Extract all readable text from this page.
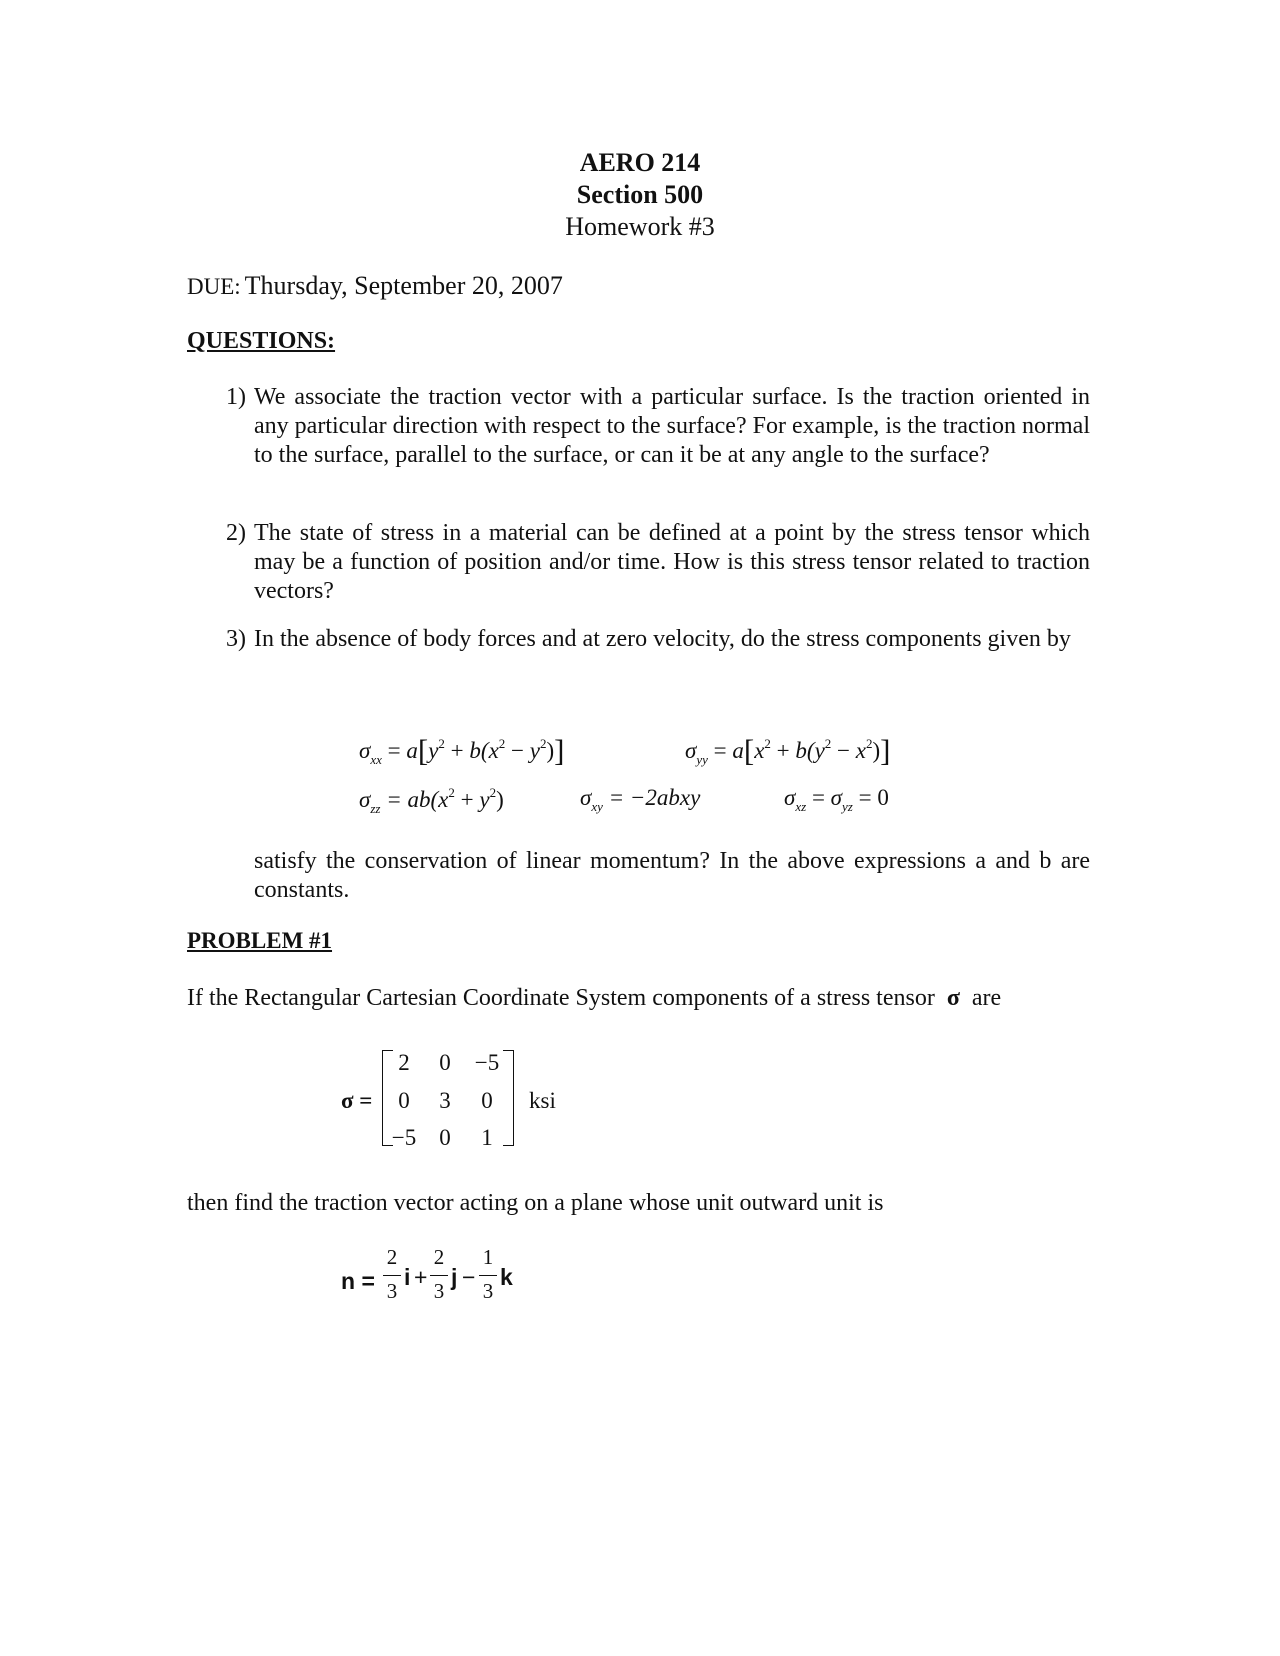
AERO 214
Section 500
Homework #3
DUE: Thursday, September 20, 2007
QUESTIONS:
1) We associate the traction vector with a particular surface. Is the traction oriented in any particular direction with respect to the surface? For example, is the traction normal to the surface, parallel to the surface, or can it be at any angle to the surface?
2) The state of stress in a material can be defined at a point by the stress tensor which may be a function of position and/or time. How is this stress tensor related to traction vectors?
3) In the absence of body forces and at zero velocity, do the stress components given by
$\sigma_{xx} = a[y^2 + b(x^2 - y^2)]$	$\sigma_{yy} = a[x^2 + b(y^2 - x^2)]$
$\sigma_{zz} = ab(x^2 + y^2)$	$\sigma_{xy}$ = −2abxy	$\sigma_{xz} = \sigma_{yz} = 0$
satisfy the conservation of linear momentum? In the above expressions a and b are constants.
PROBLEM #1
If the Rectangular Cartesian Coordinate System components of a stress tensor σ are
σ =
2	0	−5
0	3	0
−5	0	1
ksi
then find the traction vector acting on a plane whose unit outward unit is
n =
2
3
i +
2
3
j −
1
3
k
